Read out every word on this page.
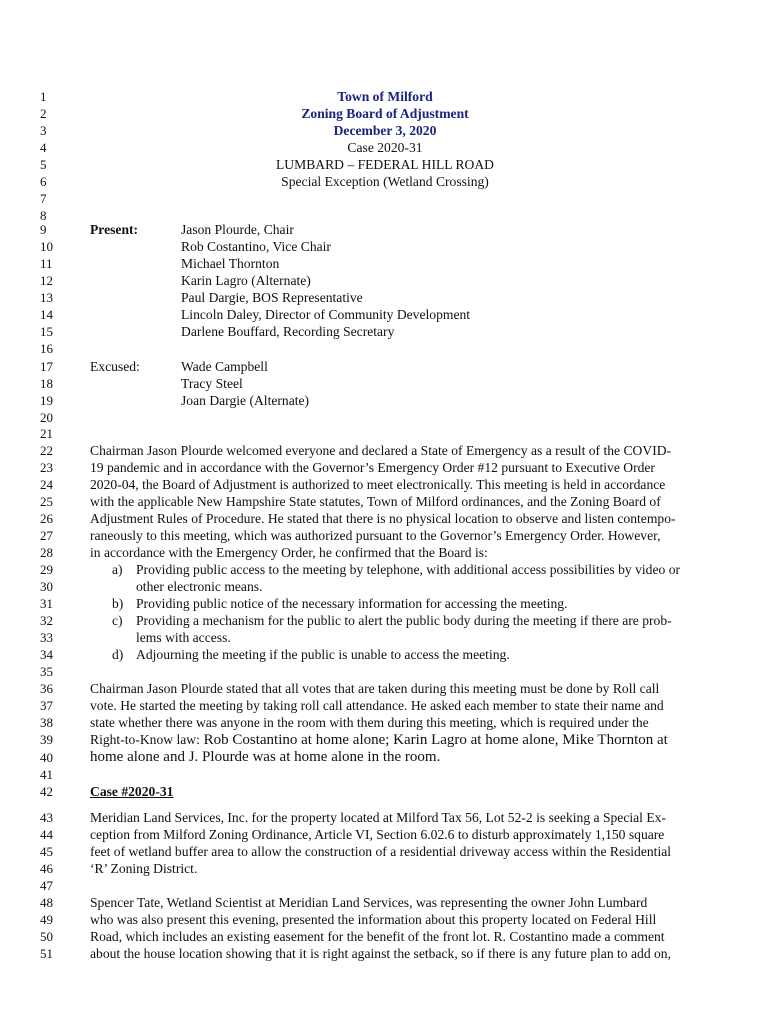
1
2
3
4
5
6
7
8
9
10
11
12
13
14
15
16
17
18
19
20
21
22
23
24
25
26
27
28
29
30
31
32
33
34
35
36
37
38
39
40
41
42
43
44
45
46
47
48
49
50
51
Town of Milford
Zoning Board of Adjustment
December 3, 2020
Case 2020-31
LUMBARD – FEDERAL HILL ROAD
Special Exception (Wetland Crossing)
Present:	Jason Plourde, Chair
Rob Costantino, Vice Chair
Michael Thornton
Karin Lagro (Alternate)
Paul Dargie, BOS Representative
Lincoln Daley, Director of Community Development
Darlene Bouffard, Recording Secretary
Excused:	Wade Campbell
Tracy Steel
Joan Dargie (Alternate)
Chairman Jason Plourde welcomed everyone and declared a State of Emergency as a result of the COVID-
19 pandemic and in accordance with the Governor’s Emergency Order #12 pursuant to Executive Order
2020-04, the Board of Adjustment is authorized to meet electronically. This meeting is held in accordance
with the applicable New Hampshire State statutes, Town of Milford ordinances, and the Zoning Board of
Adjustment Rules of Procedure. He stated that there is no physical location to observe and listen contempo-
raneously to this meeting, which was authorized pursuant to the Governor’s Emergency Order. However,
in accordance with the Emergency Order, he confirmed that the Board is:
a) Providing public access to the meeting by telephone, with additional access possibilities by video or
other electronic means.
b) Providing public notice of the necessary information for accessing the meeting.
c) Providing a mechanism for the public to alert the public body during the meeting if there are prob-
lems with access.
d) Adjourning the meeting if the public is unable to access the meeting.
Chairman Jason Plourde stated that all votes that are taken during this meeting must be done by Roll call
vote. He started the meeting by taking roll call attendance. He asked each member to state their name and
state whether there was anyone in the room with them during this meeting, which is required under the
Right-to-Know law: Rob Costantino at home alone; Karin Lagro at home alone, Mike Thornton at
home alone and J. Plourde was at home alone in the room.
Case #2020-31
Meridian Land Services, Inc. for the property located at Milford Tax 56, Lot 52-2 is seeking a Special Ex-
ception from Milford Zoning Ordinance, Article VI, Section 6.02.6 to disturb approximately 1,150 square
feet of wetland buffer area to allow the construction of a residential driveway access within the Residential
‘R’ Zoning District.
Spencer Tate, Wetland Scientist at Meridian Land Services, was representing the owner John Lumbard
who was also present this evening, presented the information about this property located on Federal Hill
Road, which includes an existing easement for the benefit of the front lot. R. Costantino made a comment
about the house location showing that it is right against the setback, so if there is any future plan to add on,
